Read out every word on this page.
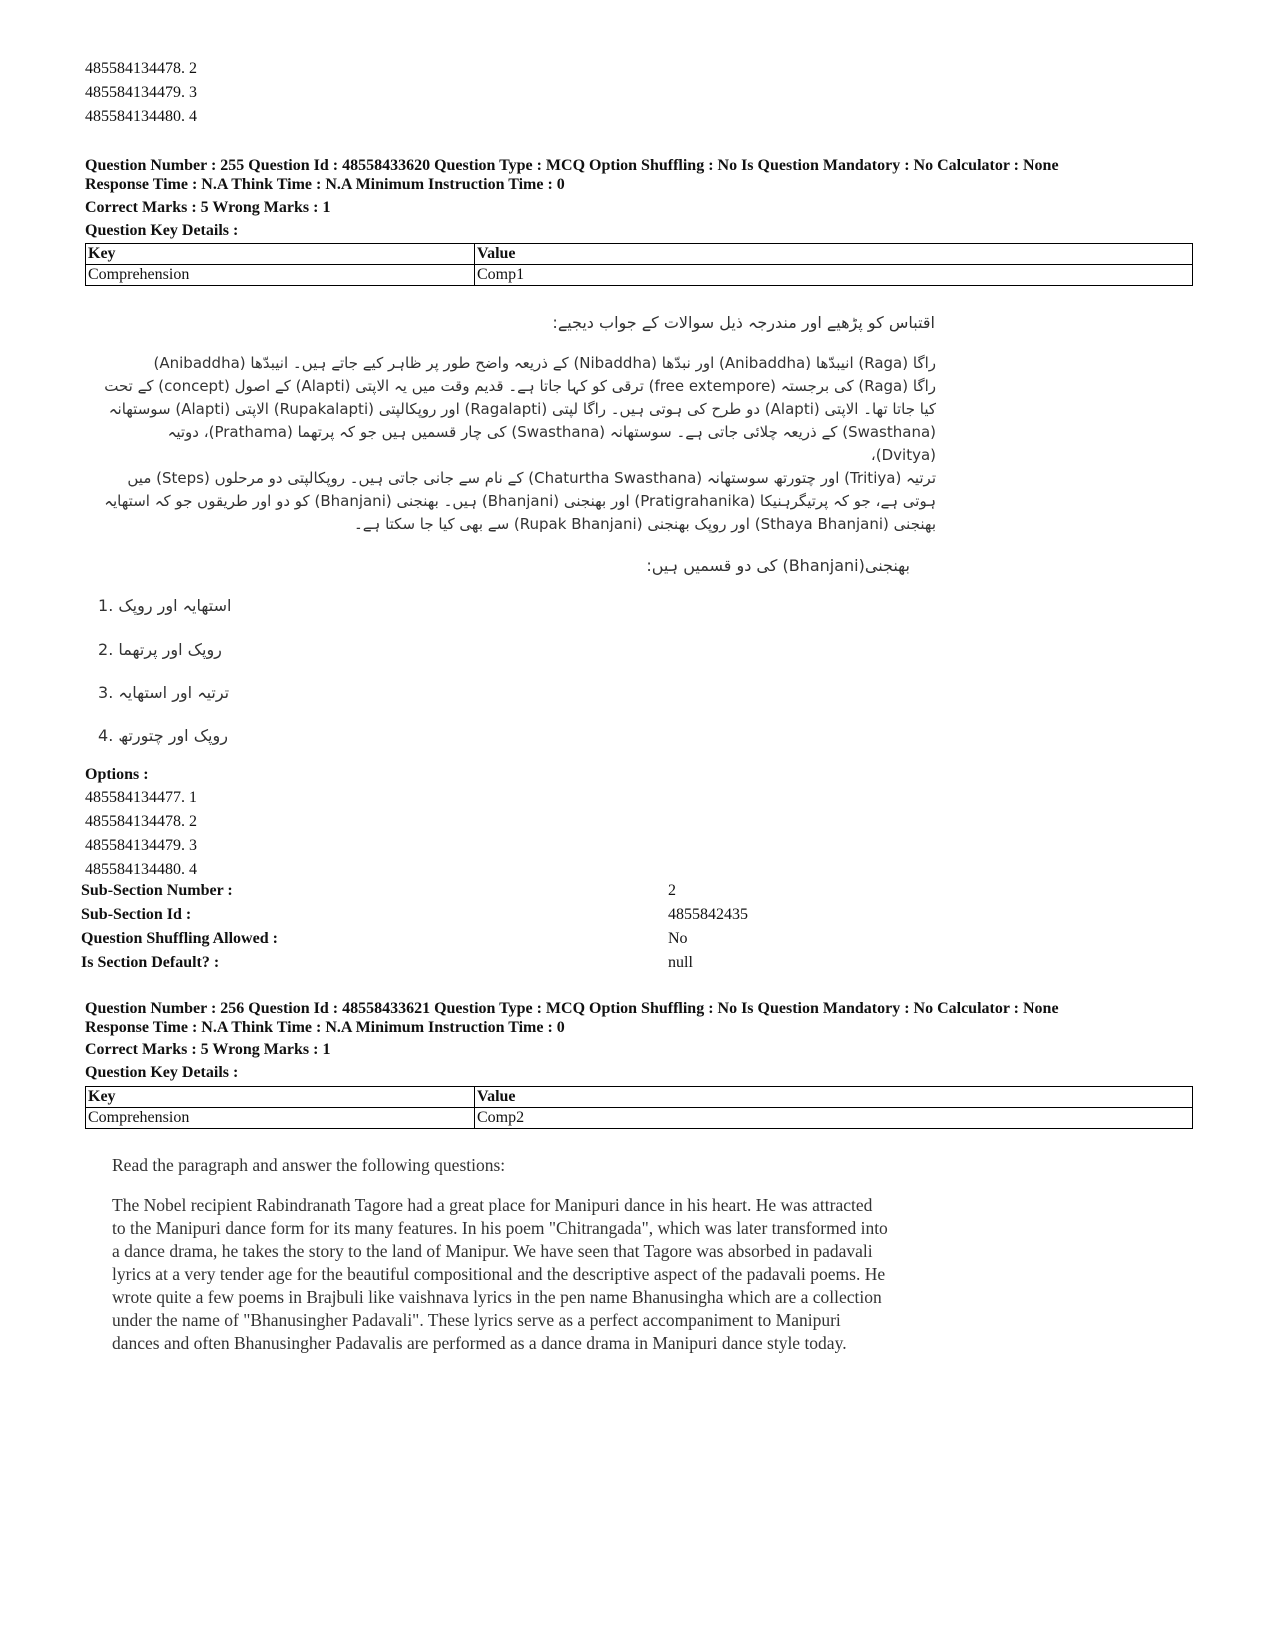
485584134478. 2
485584134479. 3
485584134480. 4
Question Number : 255 Question Id : 48558433620 Question Type : MCQ Option Shuffling : No Is Question Mandatory : No Calculator : None
Response Time : N.A Think Time : N.A Minimum Instruction Time : 0
Correct Marks : 5 Wrong Marks : 1
Question Key Details :
Key	Value
Comprehension	Comp1
اقتباس کو پڑھیے اور مندرجہ ذیل سوالات کے جواب دیجیے:
راگا (Raga) انیبدّھا (Anibaddha) اور نبدّھا (Nibaddha) کے ذریعہ واضح طور پر ظاہر کیے جاتے ہیں۔ انیبدّھا (Anibaddha)
راگا (Raga) کی برجستہ (free extempore) ترقی کو کہا جاتا ہے۔ قدیم وقت میں یہ الاپتی (Alapti) کے اصول (concept) کے تحت
کیا جاتا تھا۔ الاپتی (Alapti) دو طرح کی ہوتی ہیں۔ راگا لپتی (Ragalapti) اور روپکالپتی (Rupakalapti) الاپتی (Alapti) سوستھانہ
(Swasthana) کے ذریعہ چلائی جاتی ہے۔ سوستھانہ (Swasthana) کی چار قسمیں ہیں جو کہ پرتھما (Prathama)، دوتیہ (Dvitya)،
ترتیہ (Tritiya) اور چتورتھ سوستھانہ (Chaturtha Swasthana) کے نام سے جانی جاتی ہیں۔ روپکالپتی دو مرحلوں (Steps) میں
ہوتی ہے، جو کہ پرتیگرہنیکا (Pratigrahanika) اور بھنجنی (Bhanjani) ہیں۔ بھنجنی (Bhanjani) کو دو اور طریقوں جو کہ استھایہ
بھنجنی (Sthaya Bhanjani) اور روپک بھنجنی (Rupak Bhanjani) سے بھی کیا جا سکتا ہے۔
بھنجنی(Bhanjani) کی دو قسمیں ہیں:
استھایہ اور روپک .1
روپک اور پرتھما .2
ترتیہ اور استھایہ .3
روپک اور چتورتھ .4
Options :
485584134477. 1
485584134478. 2
485584134479. 3
485584134480. 4
Sub-Section Number :	2
Sub-Section Id :	4855842435
Question Shuffling Allowed :	No
Is Section Default? :	null
Question Number : 256 Question Id : 48558433621 Question Type : MCQ Option Shuffling : No Is Question Mandatory : No Calculator : None
Response Time : N.A Think Time : N.A Minimum Instruction Time : 0
Correct Marks : 5 Wrong Marks : 1
Question Key Details :
Key	Value
Comprehension	Comp2
Read the paragraph and answer the following questions:
The Nobel recipient Rabindranath Tagore had a great place for Manipuri dance in his heart. He was attracted
to the Manipuri dance form for its many features. In his poem "Chitrangada", which was later transformed into
a dance drama, he takes the story to the land of Manipur. We have seen that Tagore was absorbed in padavali
lyrics at a very tender age for the beautiful compositional and the descriptive aspect of the padavali poems. He
wrote quite a few poems in Brajbuli like vaishnava lyrics in the pen name Bhanusingha which are a collection
under the name of "Bhanusingher Padavali". These lyrics serve as a perfect accompaniment to Manipuri
dances and often Bhanusingher Padavalis are performed as a dance drama in Manipuri dance style today.
